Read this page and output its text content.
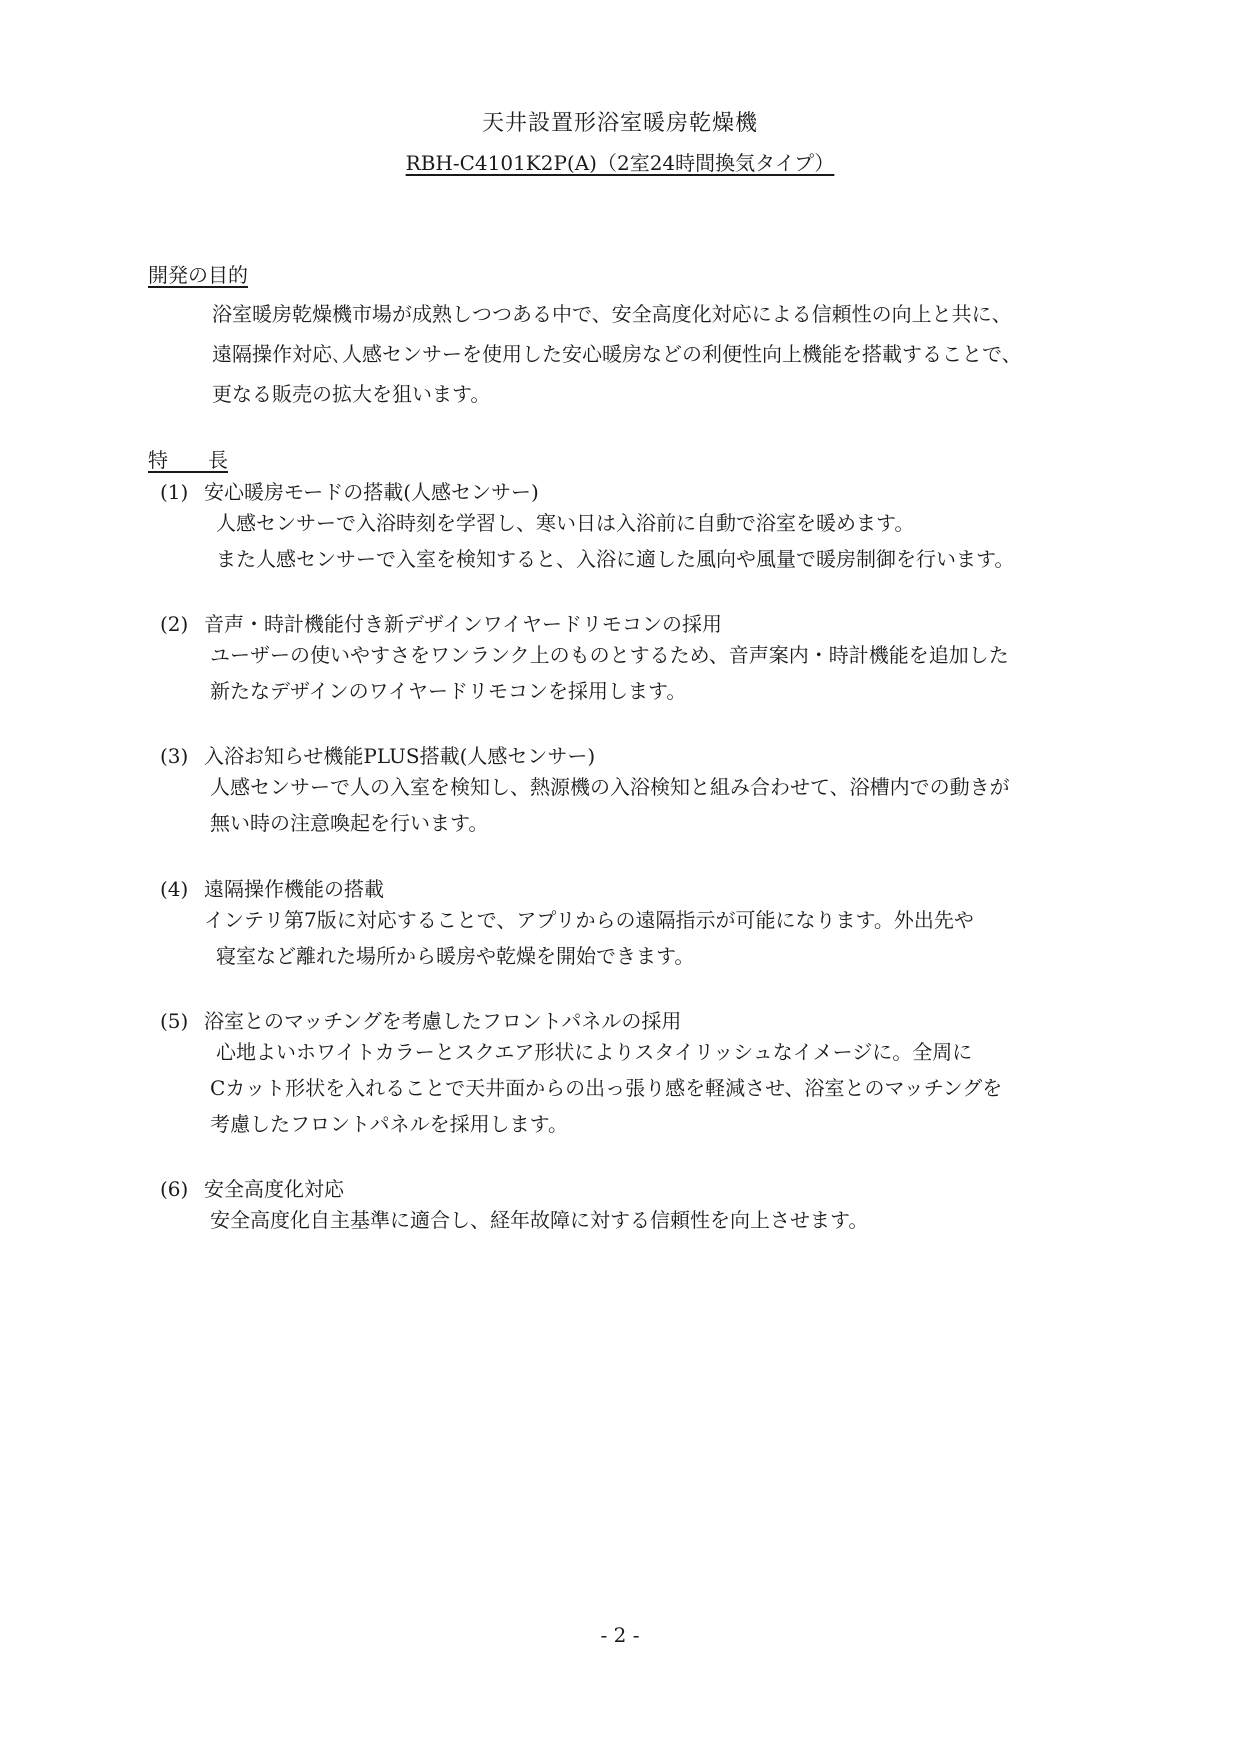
天井設置形浴室暖房乾燥機
RBH-C4101K2P(A)（2室24時間換気タイプ）
開発の目的

浴室暖房乾燥機市場が成熟しつつある中で、安全高度化対応による信頼性の向上と共に、
遠隔操作対応､人感センサーを使用した安心暖房などの利便性向上機能を搭載することで、
更なる販売の拡大を狙います。

特　　長
(1) 安心暖房モードの搭載(人感センサー)

人感センサーで入浴時刻を学習し、寒い日は入浴前に自動で浴室を暖めます。
また人感センサーで入室を検知すると、入浴に適した風向や風量で暖房制御を行います。

(2) 音声・時計機能付き新デザインワイヤードリモコンの採用

ユーザーの使いやすさをワンランク上のものとするため、音声案内・時計機能を追加した
新たなデザインのワイヤードリモコンを採用します。

(3) 入浴お知らせ機能PLUS搭載(人感センサー)

人感センサーで人の入室を検知し、熱源機の入浴検知と組み合わせて、浴槽内での動きが
無い時の注意喚起を行います。

(4) 遠隔操作機能の搭載

インテリ第7版に対応することで、アプリからの遠隔指示が可能になります。外出先や
寝室など離れた場所から暖房や乾燥を開始できます。

(5) 浴室とのマッチングを考慮したフロントパネルの採用

心地よいホワイトカラーとスクエア形状によりスタイリッシュなイメージに。全周に
Cカット形状を入れることで天井面からの出っ張り感を軽減させ、浴室とのマッチングを
考慮したフロントパネルを採用します。

(6) 安全高度化対応

安全高度化自主基準に適合し、経年故障に対する信頼性を向上させます。

- 2 -
